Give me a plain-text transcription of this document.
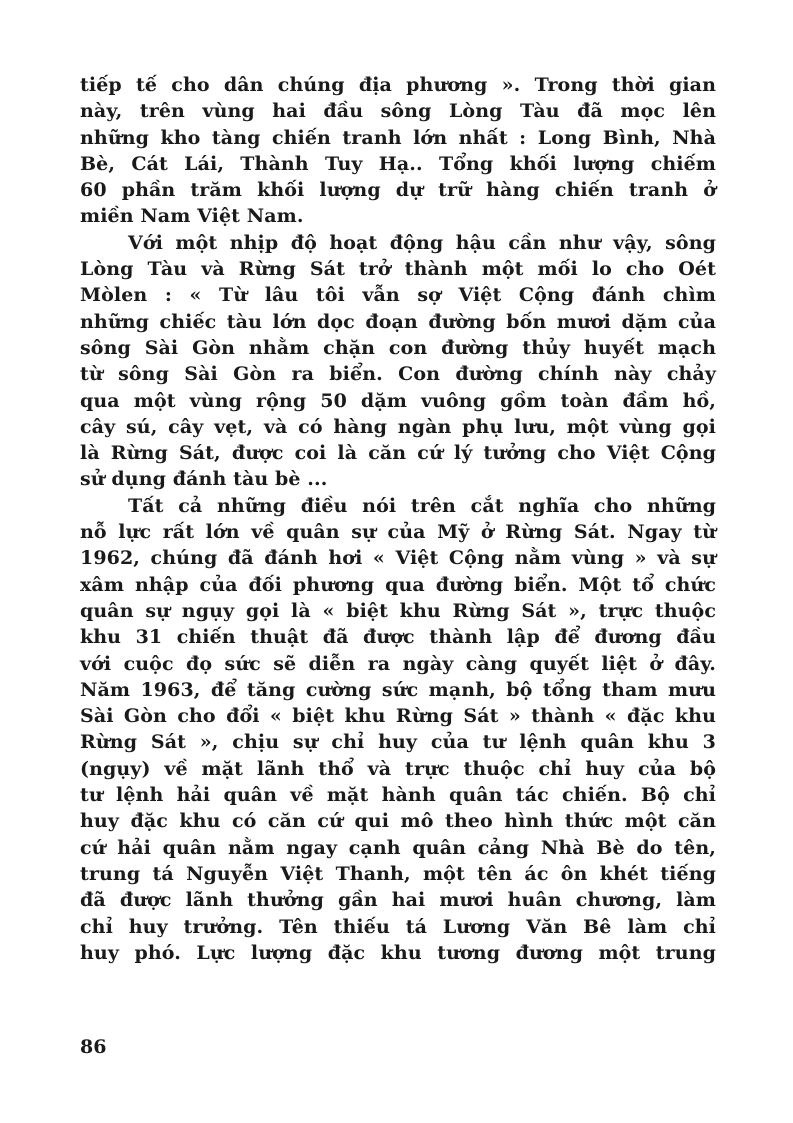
tiếp tế cho dân chúng địa phương ». Trong thời gian
này, trên vùng hai đầu sông Lòng Tàu đã mọc lên
những kho tàng chiến tranh lớn nhất : Long Bình, Nhà
Bè, Cát Lái, Thành Tuy Hạ.. Tổng khối lượng chiếm
60 phần trăm khối lượng dự trữ hàng chiến tranh ở
miền Nam Việt Nam.
Với một nhịp độ hoạt động hậu cần như vậy, sông
Lòng Tàu và Rừng Sát trở thành một mối lo cho Oét
Mòlen : « Từ lâu tôi vẫn sợ Việt Cộng đánh chìm
những chiếc tàu lớn dọc đoạn đường bốn mươi dặm của
sông Sài Gòn nhằm chặn con đường thủy huyết mạch
từ sông Sài Gòn ra biển. Con đường chính này chảy
qua một vùng rộng 50 dặm vuông gồm toàn đầm hồ,
cây sú, cây vẹt, và có hàng ngàn phụ lưu, một vùng gọi
là Rừng Sát, được coi là căn cứ lý tưởng cho Việt Cộng
sử dụng đánh tàu bè ...
Tất cả những điều nói trên cắt nghĩa cho những
nỗ lực rất lớn về quân sự của Mỹ ở Rừng Sát. Ngay từ
1962, chúng đã đánh hơi « Việt Cộng nằm vùng » và sự
xâm nhập của đối phương qua đường biển. Một tổ chức
quân sự ngụy gọi là « biệt khu Rừng Sát », trực thuộc
khu 31 chiến thuật đã được thành lập để đương đầu
với cuộc đọ sức sẽ diễn ra ngày càng quyết liệt ở đây.
Năm 1963, để tăng cường sức mạnh, bộ tổng tham mưu
Sài Gòn cho đổi « biệt khu Rừng Sát » thành « đặc khu
Rừng Sát », chịu sự chỉ huy của tư lệnh quân khu 3
(ngụy) về mặt lãnh thổ và trực thuộc chỉ huy của bộ
tư lệnh hải quân về mặt hành quân tác chiến. Bộ chỉ
huy đặc khu có căn cứ qui mô theo hình thức một căn
cứ hải quân nằm ngay cạnh quân cảng Nhà Bè do tên,
trung tá Nguyễn Việt Thanh, một tên ác ôn khét tiếng
đã được lãnh thưởng gần hai mươi huân chương, làm
chỉ huy trưởng. Tên thiếu tá Lương Văn Bê làm chỉ
huy phó. Lực lượng đặc khu tương đương một trung
86
